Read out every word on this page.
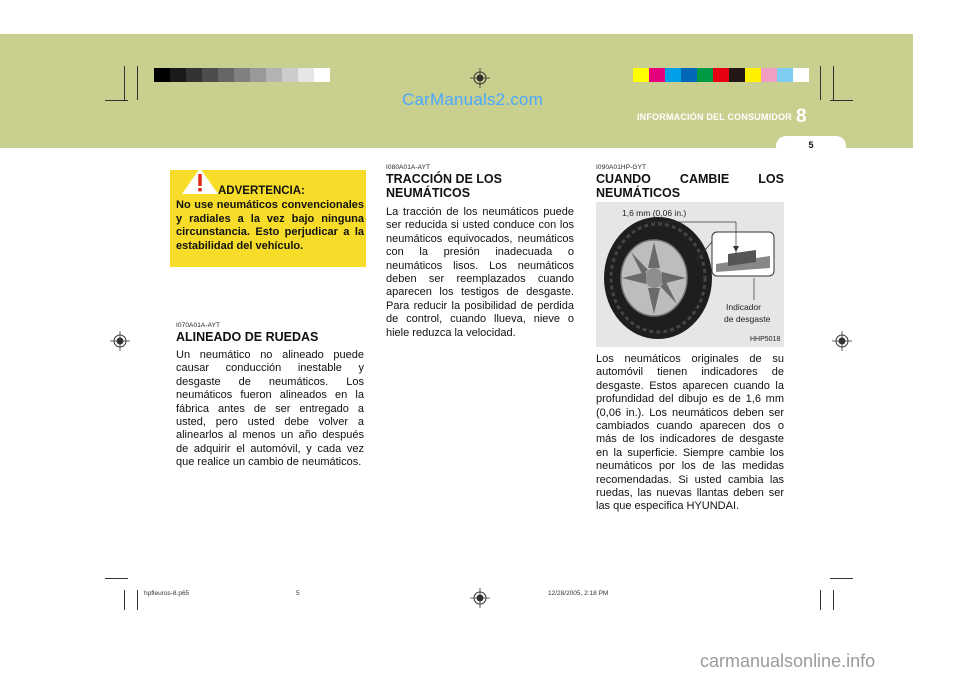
CarManuals2.com
INFORMACIÓN DEL CONSUMIDOR 8
5
ADVERTENCIA:
No use neumáticos convencionales y radiales a la vez bajo ninguna circunstancia. Esto perjudicar a la estabilidad del vehículo.
I070A01A-AYT
ALINEADO DE RUEDAS
Un neumático no alineado puede causar conducción inestable y desgaste de neumáticos. Los neumáticos fueron alineados en la fábrica antes de ser entregado a usted, pero usted debe volver a alinearlos al menos un año después de adquirir el automóvil, y cada vez que realice un cambio de neumáticos.
I080A01A-AYT
TRACCIÓN DE LOS
NEUMÁTICOS
La tracción de los neumáticos puede ser reducida si usted conduce con los neumáticos equivocados, neumáticos con la presión inadecuada o neumáticos lisos. Los neumáticos deben ser reemplazados cuando aparecen los testigos de desgaste. Para reducir la posibilidad de perdida de control, cuando llueva, nieve o hiele reduzca la velocidad.
I090A01HP-GYT
CUANDO CAMBIE LOS
NEUMÁTICOS
1,6 mm (0,06 in.)
Indicador
de desgaste
HHP5018
Los neumáticos originales de su automóvil tienen indicadores de desgaste. Estos aparecen cuando la profundidad del dibujo es de 1,6 mm (0,06 in.). Los neumáticos deben ser cambiados cuando aparecen dos o más de los indicadores de desgaste en la superficie. Siempre cambie los neumáticos por los de las medidas recomendadas. Si usted cambia las ruedas, las nuevas llantas deben ser las que especifica HYUNDAI.
hpfleuros-8.p65	5	12/28/2005, 2:18 PM
carmanualsonline.info
